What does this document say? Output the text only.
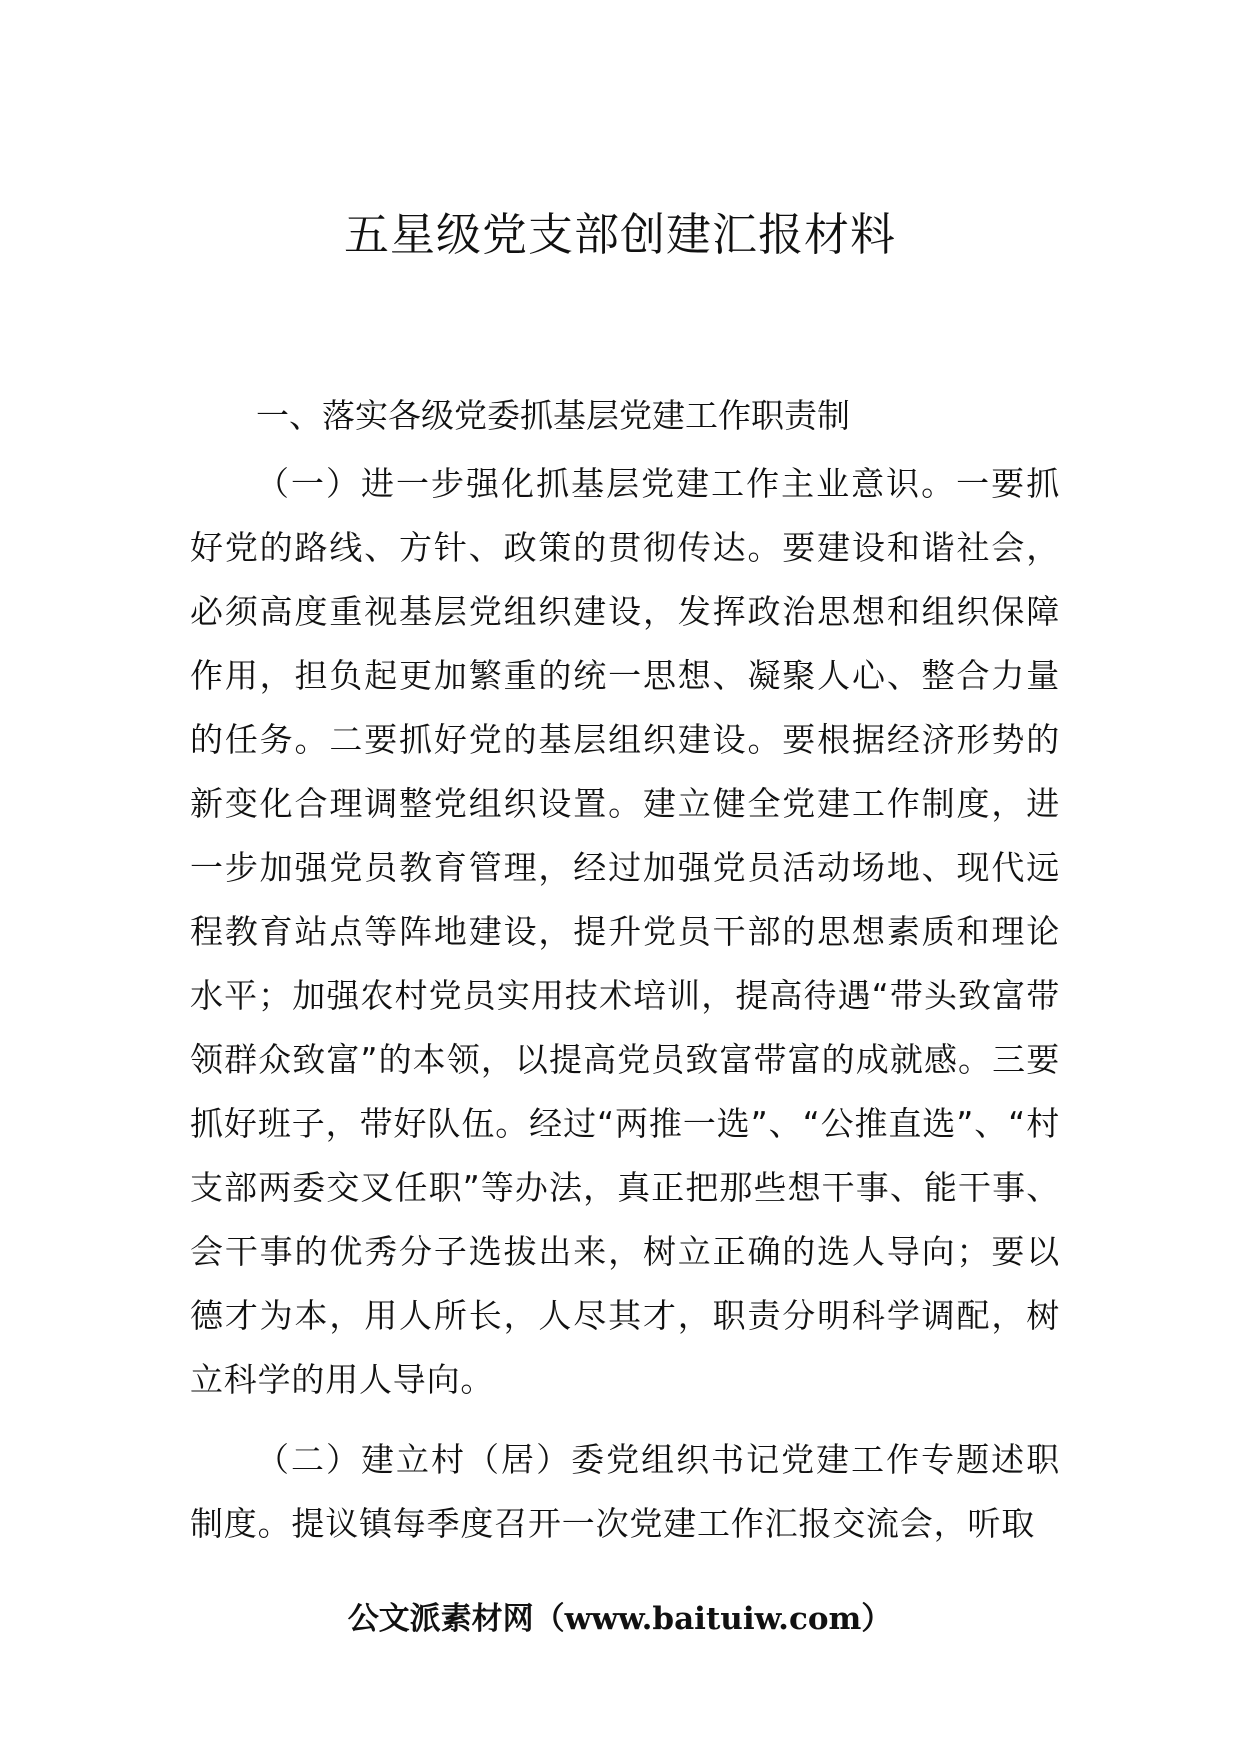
五星级党支部创建汇报材料

一、落实各级党委抓基层党建工作职责制

（一）进一步强化抓基层党建工作主业意识。一要抓好党的路线、方针、政策的贯彻传达。要建设和谐社会，必须高度重视基层党组织建设，发挥政治思想和组织保障作用，担负起更加繁重的统一思想、凝聚人心、整合力量的任务。二要抓好党的基层组织建设。要根据经济形势的新变化合理调整党组织设置。建立健全党建工作制度，进一步加强党员教育管理，经过加强党员活动场地、现代远程教育站点等阵地建设，提升党员干部的思想素质和理论水平；加强农村党员实用技术培训，提高待遇“带头致富带领群众致富”的本领，以提高党员致富带富的成就感。三要抓好班子，带好队伍。经过“两推一选”、“公推直选”、“村支部两委交叉任职”等办法，真正把那些想干事、能干事、会干事的优秀分子选拔出来，树立正确的选人导向；要以德才为本，用人所长，人尽其才，职责分明科学调配，树立科学的用人导向。

（二）建立村（居）委党组织书记党建工作专题述职制度。提议镇每季度召开一次党建工作汇报交流会，听取

公文派素材网（www.baituiw.com）
